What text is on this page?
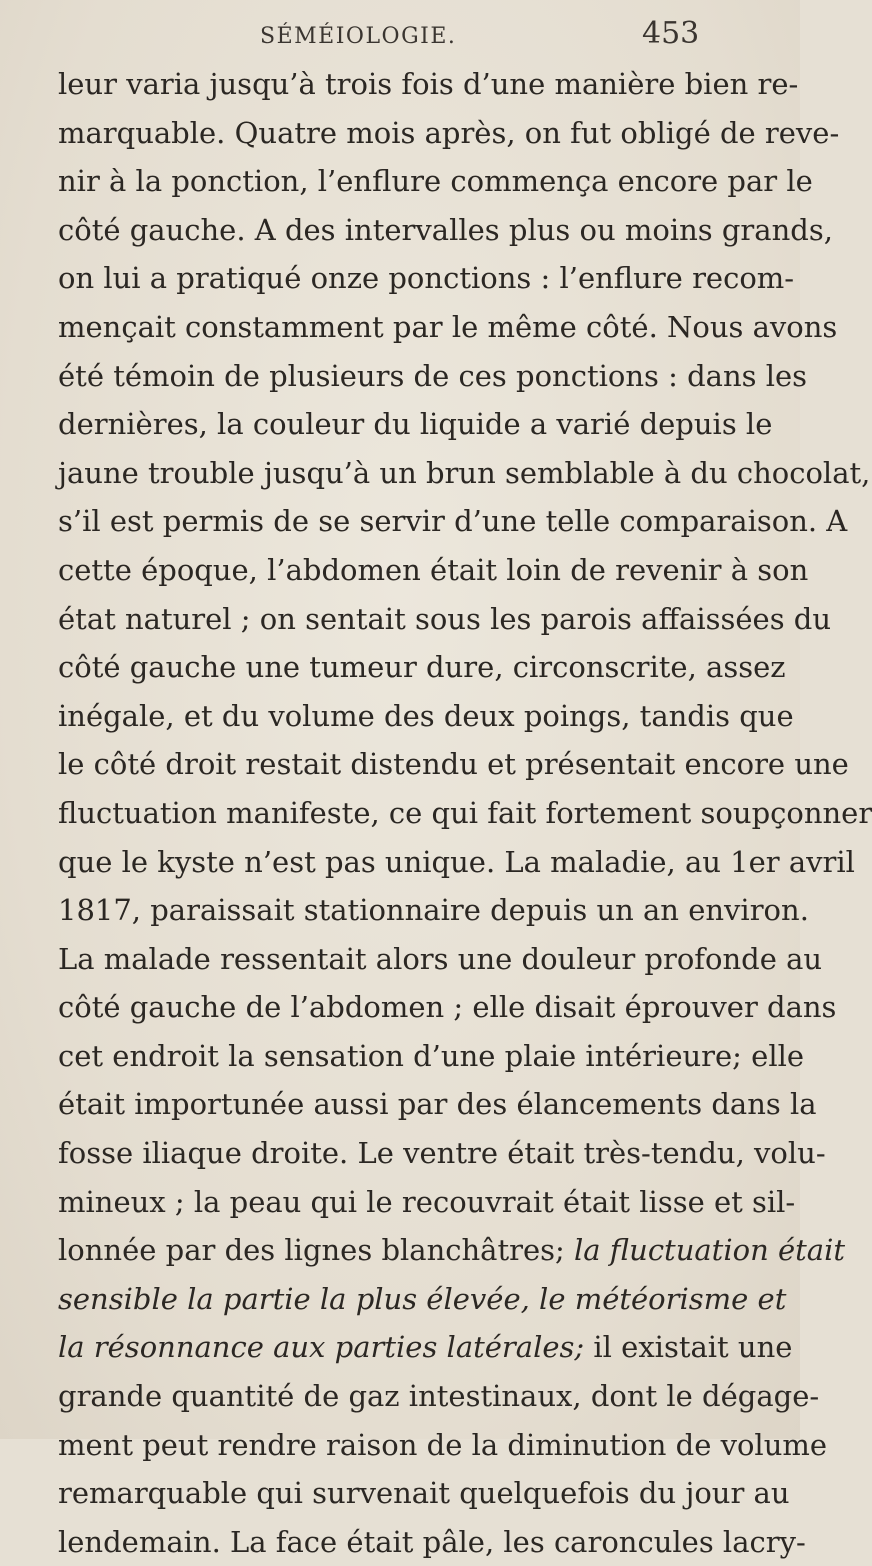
SÉMÉIOLOGIE.	453
leur varia jusqu’à trois fois d’une manière bien re-
marquable. Quatre mois après, on fut obligé de reve-
nir à la ponction, l’enflure commença encore par le
côté gauche. A des intervalles plus ou moins grands,
on lui a pratiqué onze ponctions : l’enflure recom-
mençait constamment par le même côté. Nous avons
été témoin de plusieurs de ces ponctions : dans les
dernières, la couleur du liquide a varié depuis le
jaune trouble jusqu’à un brun semblable à du chocolat,
s’il est permis de se servir d’une telle comparaison. A
cette époque, l’abdomen était loin de revenir à son
état naturel ; on sentait sous les parois affaissées du
côté gauche une tumeur dure, circonscrite, assez
inégale, et du volume des deux poings, tandis que
le côté droit restait distendu et présentait encore une
fluctuation manifeste, ce qui fait fortement soupçonner
que le kyste n’est pas unique. La maladie, au 1er avril
1817, paraissait stationnaire depuis un an environ.
La malade ressentait alors une douleur profonde au
côté gauche de l’abdomen ; elle disait éprouver dans
cet endroit la sensation d’une plaie intérieure; elle
était importunée aussi par des élancements dans la
fosse iliaque droite. Le ventre était très-tendu, volu-
mineux ; la peau qui le recouvrait était lisse et sil-
lonnée par des lignes blanchâtres; la fluctuation était
sensible la partie la plus élevée, le météorisme et
la résonnance aux parties latérales; il existait une
grande quantité de gaz intestinaux, dont le dégage-
ment peut rendre raison de la diminution de volume
remarquable qui survenait quelquefois du jour au
lendemain. La face était pâle, les caroncules lacry-
